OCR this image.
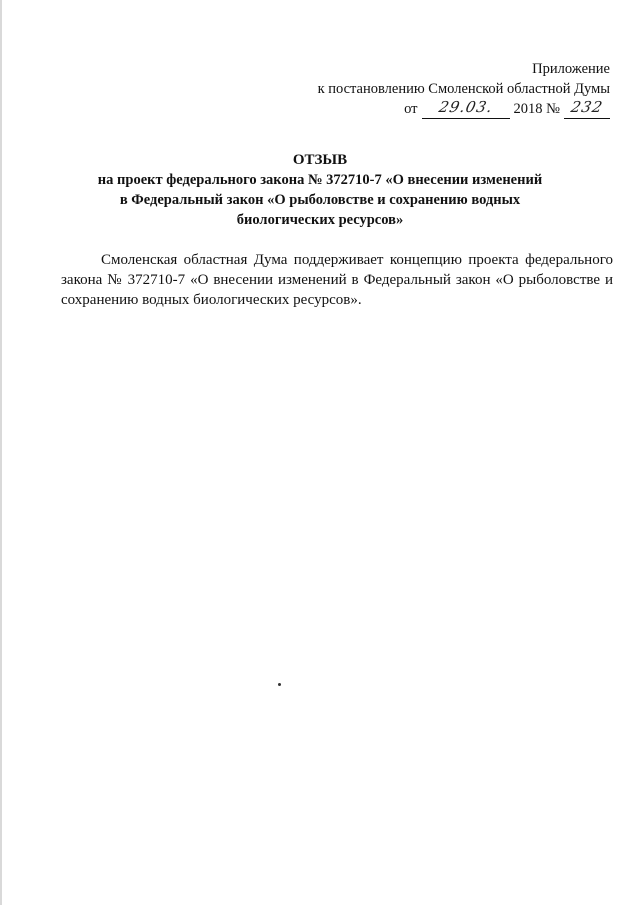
Приложение
к постановлению Смоленской областной Думы
от	29.03.	2018 № 232
ОТЗЫВ
на проект федерального закона № 372710-7 «О внесении изменений
в Федеральный закон «О рыболовстве и сохранению водных
биологических ресурсов»

Смоленская областная Дума поддерживает концепцию проекта федерального закона № 372710-7 «О внесении изменений в Федеральный закон «О рыболовстве и сохранению водных биологических ресурсов».
